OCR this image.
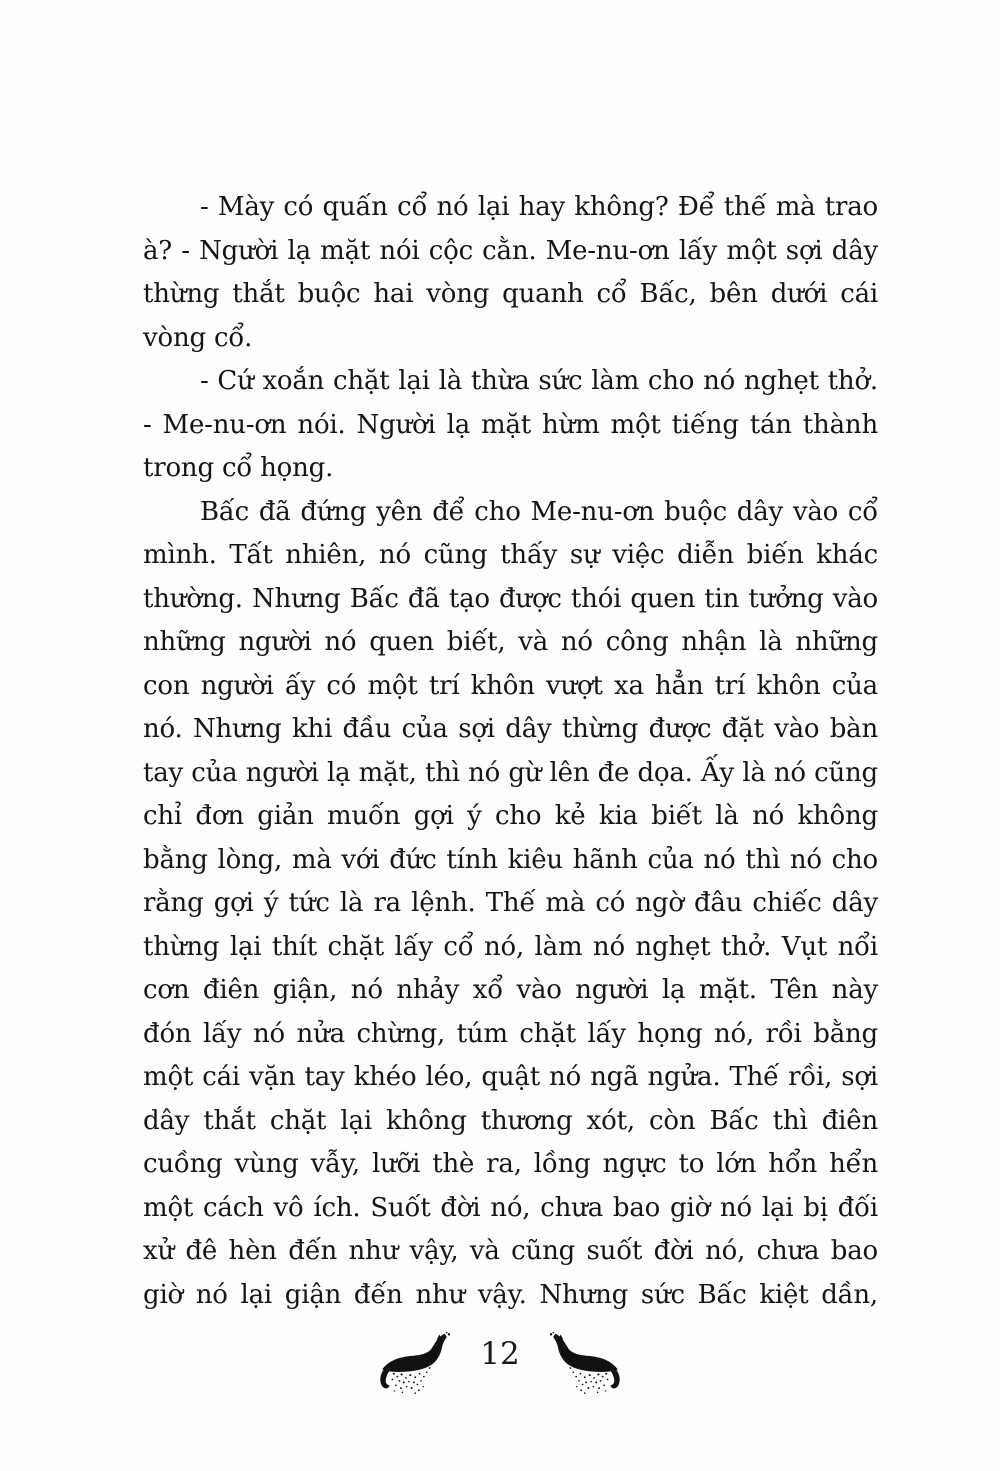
- Mày có quấn cổ nó lại hay không? Để thế mà trao
à? - Người lạ mặt nói cộc cằn. Me-nu-ơn lấy một sợi dây
thừng thắt buộc hai vòng quanh cổ Bấc, bên dưới cái
vòng cổ.

- Cứ xoắn chặt lại là thừa sức làm cho nó nghẹt thở.
- Me-nu-ơn nói. Người lạ mặt hừm một tiếng tán thành
trong cổ họng.

Bấc đã đứng yên để cho Me-nu-ơn buộc dây vào cổ
mình. Tất nhiên, nó cũng thấy sự việc diễn biến khác
thường. Nhưng Bấc đã tạo được thói quen tin tưởng vào
những người nó quen biết, và nó công nhận là những
con người ấy có một trí khôn vượt xa hẳn trí khôn của
nó. Nhưng khi đầu của sợi dây thừng được đặt vào bàn
tay của người lạ mặt, thì nó gừ lên đe dọa. Ấy là nó cũng
chỉ đơn giản muốn gợi ý cho kẻ kia biết là nó không
bằng lòng, mà với đức tính kiêu hãnh của nó thì nó cho
rằng gợi ý tức là ra lệnh. Thế mà có ngờ đâu chiếc dây
thừng lại thít chặt lấy cổ nó, làm nó nghẹt thở. Vụt nổi
cơn điên giận, nó nhảy xổ vào người lạ mặt. Tên này
đón lấy nó nửa chừng, túm chặt lấy họng nó, rồi bằng
một cái vặn tay khéo léo, quật nó ngã ngửa. Thế rồi, sợi
dây thắt chặt lại không thương xót, còn Bấc thì điên
cuồng vùng vẫy, lưỡi thè ra, lồng ngực to lớn hổn hển
một cách vô ích. Suốt đời nó, chưa bao giờ nó lại bị đối
xử đê hèn đến như vậy, và cũng suốt đời nó, chưa bao
giờ nó lại giận đến như vậy. Nhưng sức Bấc kiệt dần,

12
